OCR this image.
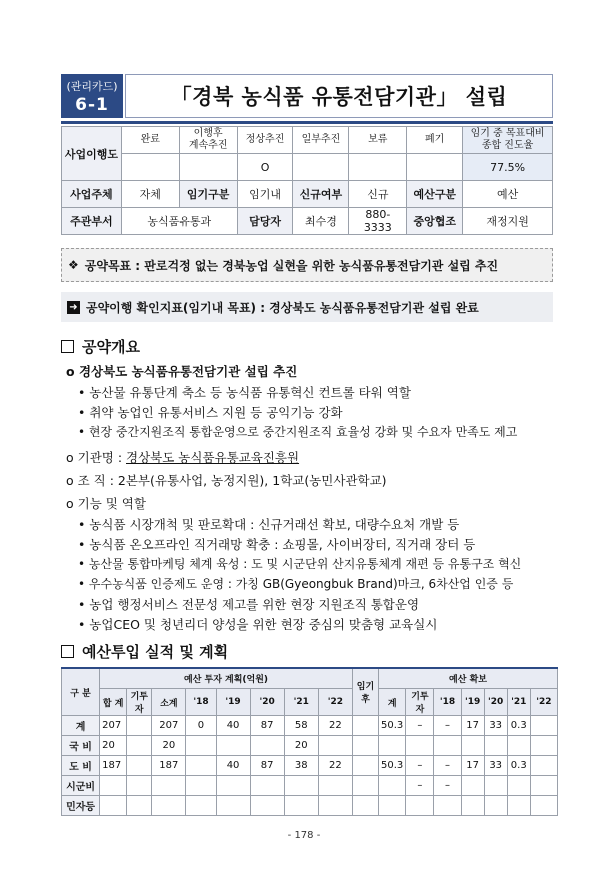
(관리카드)
6-1	「경북 농식품 유통전담기관」 설립
사업이행도	완료	이행후
계속추진	정상추진	일부추진	보류	폐기	임기 중 목표대비
종합 진도율
			O				77.5%
사업주체	자체	임기구분	임기내	신규여부	신규	예산구분	예산
주관부서	농식품유통과		담당자	최수경	880-3333	중앙협조	재정지원
❖ 공약목표 : 판로걱정 없는 경북농업 실현을 위한 농식품유통전담기관 설립 추진
➜ 공약이행 확인지표(임기내 목표) : 경상북도 농식품유통전담기관 설립 완료
공약개요
o 경상북도 농식품유통전담기관 설립 추진
• 농산물 유통단계 축소 등 농식품 유통혁신 컨트롤 타워 역할
• 취약 농업인 유통서비스 지원 등 공익기능 강화
• 현장 중간지원조직 통합운영으로 중간지원조직 효율성 강화 및 수요자 만족도 제고
o 기관명 : 경상북도 농식품유통교육진흥원
o 조 직 : 2본부(유통사업, 농정지원), 1학교(농민사관학교)
o 기능 및 역할
• 농식품 시장개척 및 판로확대 : 신규거래선 확보, 대량수요처 개발 등
• 농식품 온오프라인 직거래망 확충 : 쇼핑몰, 사이버장터, 직거래 장터 등
• 농산물 통합마케팅 체계 육성 : 도 및 시군단위 산지유통체계 재편 등 유통구조 혁신
• 우수농식품 인증제도 운영 : 가칭 GB(Gyeongbuk Brand)마크, 6차산업 인증 등
• 농업 행정서비스 전문성 제고를 위한 현장 지원조직 통합운영
• 농업CEO 및 청년리더 양성을 위한 현장 중심의 맞춤형 교육실시
예산투입 실적 및 계획
구 분	예산 투자 계획(억원)								임기후	예산 확보						
	합 계	기투자	소계	'18	'19	'20	'21	'22		계	기투자	'18	'19	'20	'21	'22
계	207		207	0	40	87	58	22		50.3	–	–	17	33	0.3	
국 비	20		20				20									
도 비	187		187		40	87	38	22		50.3	–	–	17	33	0.3	
시군비											–	–				
민자등																
- 178 -
